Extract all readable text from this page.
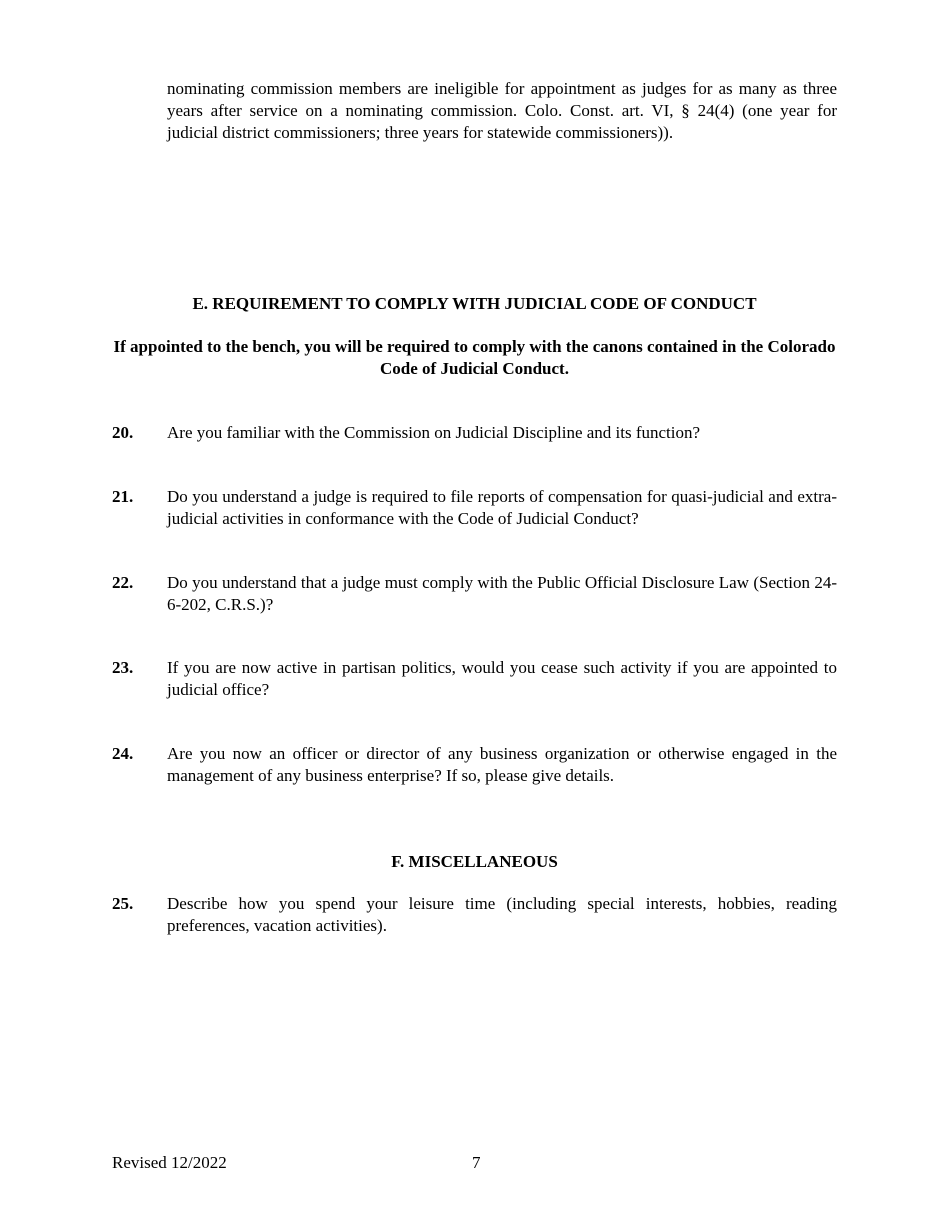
nominating commission members are ineligible for appointment as judges for as many as three years after service on a nominating commission. Colo. Const. art. VI, § 24(4) (one year for judicial district commissioners; three years for statewide commissioners)).
E. REQUIREMENT TO COMPLY WITH JUDICIAL CODE OF CONDUCT
If appointed to the bench, you will be required to comply with the canons contained in the Colorado Code of Judicial Conduct.
20. Are you familiar with the Commission on Judicial Discipline and its function?
21. Do you understand a judge is required to file reports of compensation for quasi-judicial and extra-judicial activities in conformance with the Code of Judicial Conduct?
22. Do you understand that a judge must comply with the Public Official Disclosure Law (Section 24-6-202, C.R.S.)?
23. If you are now active in partisan politics, would you cease such activity if you are appointed to judicial office?
24. Are you now an officer or director of any business organization or otherwise engaged in the management of any business enterprise? If so, please give details.
F. MISCELLANEOUS
25. Describe how you spend your leisure time (including special interests, hobbies, reading preferences, vacation activities).
Revised 12/2022	7
